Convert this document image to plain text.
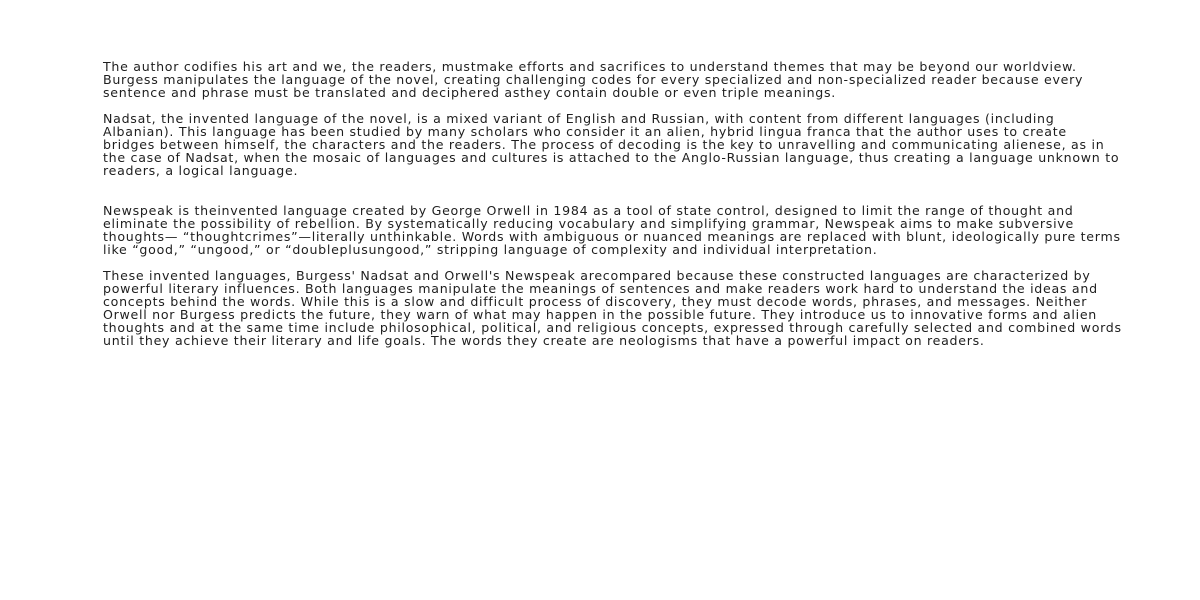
The author codifies his art and we, the readers, mustmake efforts and sacrifices to understand themes that may be beyond our worldview. Burgess manipulates the language of the novel, creating challenging codes for every specialized and non-specialized reader because every sentence and phrase must be translated and deciphered asthey contain double or even triple meanings.

Nadsat, the invented language of the novel, is a mixed variant of English and Russian, with content from different languages (including Albanian). This language has been studied by many scholars who consider it an alien, hybrid lingua franca that the author uses to create bridges between himself, the characters and the readers. The process of decoding is the key to unravelling and communicating alienese, as in the case of Nadsat, when the mosaic of languages and cultures is attached to the Anglo-Russian language, thus creating a language unknown to readers, a logical language.

Newspeak is theinvented language created by George Orwell in 1984 as a tool of state control, designed to limit the range of thought and eliminate the possibility of rebellion. By systematically reducing vocabulary and simplifying grammar, Newspeak aims to make subversive thoughts— “thoughtcrimes”—literally unthinkable. Words with ambiguous or nuanced meanings are replaced with blunt, ideologically pure terms like “good,” “ungood,” or “doubleplusungood,” stripping language of complexity and individual interpretation.

These invented languages, Burgess' Nadsat and Orwell's Newspeak arecompared because these constructed languages are characterized by powerful literary influences. Both languages manipulate the meanings of sentences and make readers work hard to understand the ideas and concepts behind the words. While this is a slow and difficult process of discovery, they must decode words, phrases, and messages. Neither Orwell nor Burgess predicts the future, they warn of what may happen in the possible future. They introduce us to innovative forms and alien thoughts and at the same time include philosophical, political, and religious concepts, expressed through carefully selected and combined words until they achieve their literary and life goals. The words they create are neologisms that have a powerful impact on readers.
